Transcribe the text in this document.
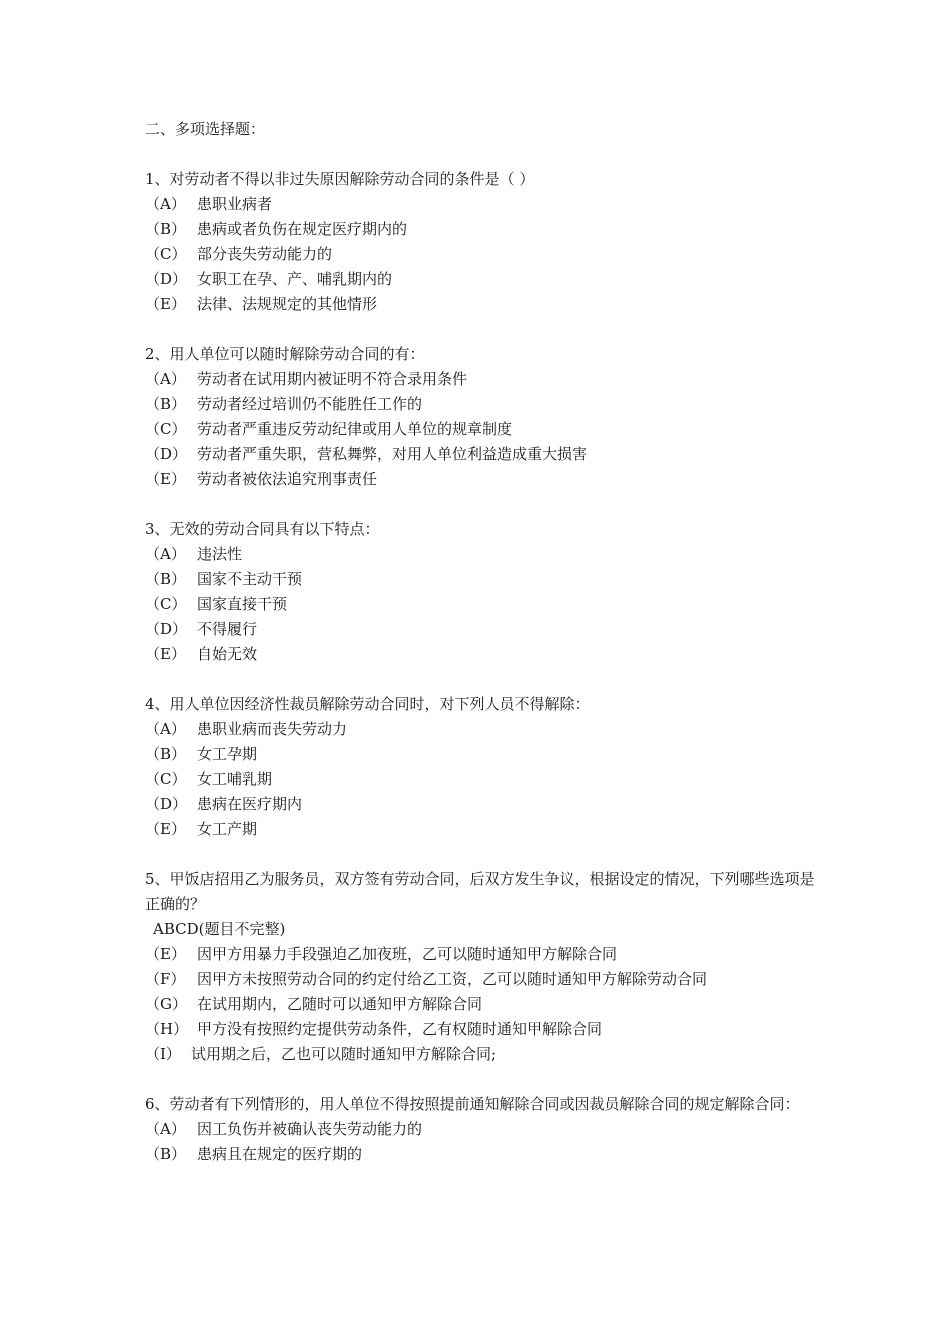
二、多项选择题：
1、对劳动者不得以非过失原因解除劳动合同的条件是（ ）
（A） 患职业病者
（B） 患病或者负伤在规定医疗期内的
（C） 部分丧失劳动能力的
（D） 女职工在孕、产、哺乳期内的
（E） 法律、法规规定的其他情形
2、用人单位可以随时解除劳动合同的有：
（A） 劳动者在试用期内被证明不符合录用条件
（B） 劳动者经过培训仍不能胜任工作的
（C） 劳动者严重违反劳动纪律或用人单位的规章制度
（D） 劳动者严重失职，营私舞弊，对用人单位利益造成重大损害
（E） 劳动者被依法追究刑事责任
3、无效的劳动合同具有以下特点：
（A） 违法性
（B） 国家不主动干预
（C） 国家直接干预
（D） 不得履行
（E） 自始无效
4、用人单位因经济性裁员解除劳动合同时，对下列人员不得解除：
（A） 患职业病而丧失劳动力
（B） 女工孕期
（C） 女工哺乳期
（D） 患病在医疗期内
（E） 女工产期
5、甲饭店招用乙为服务员，双方签有劳动合同，后双方发生争议，根据设定的情况，下列哪些选项是正确的？
ABCD(题目不完整)
（E） 因甲方用暴力手段强迫乙加夜班，乙可以随时通知甲方解除合同
（F） 因甲方未按照劳动合同的约定付给乙工资，乙可以随时通知甲方解除劳动合同
（G） 在试用期内，乙随时可以通知甲方解除合同
（H） 甲方没有按照约定提供劳动条件，乙有权随时通知甲解除合同
（I） 试用期之后，乙也可以随时通知甲方解除合同;
6、劳动者有下列情形的，用人单位不得按照提前通知解除合同或因裁员解除合同的规定解除合同：
（A） 因工负伤并被确认丧失劳动能力的
（B） 患病且在规定的医疗期的
